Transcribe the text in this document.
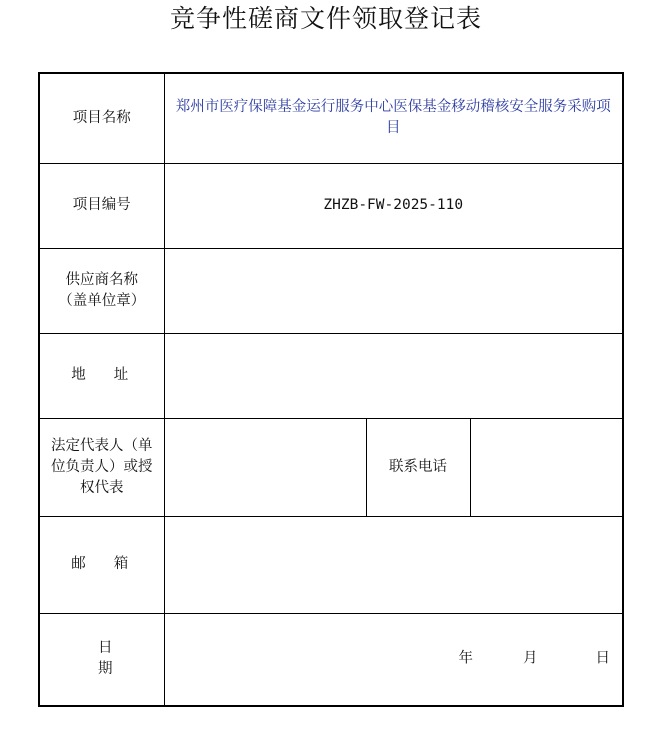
竞争性磋商文件领取登记表
项目名称	郑州市医疗保障基金运行服务中心医保基金移动稽核安全服务采购项目		
项目编号	ZHZB-FW-2025-110		

供应商名称
（盖单位章）			

地址			
法定代表人（单位负责人）或授权代表		联系电话	
邮箱			
日期	年 月 日		
